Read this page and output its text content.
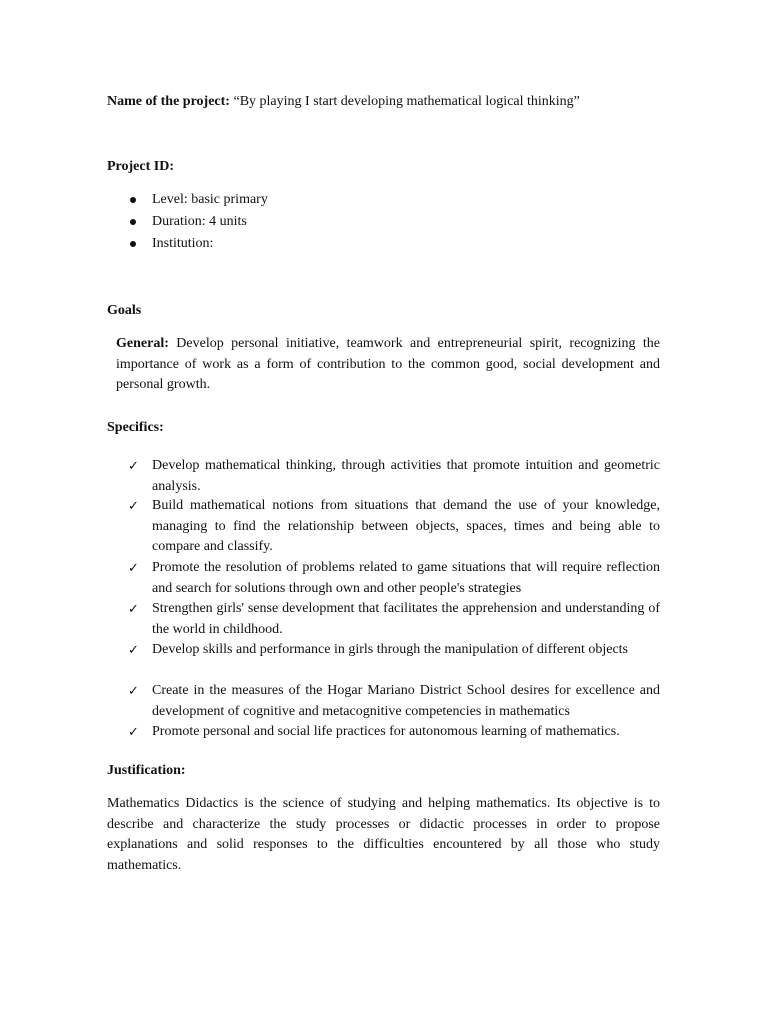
Name of the project: “By playing I start developing mathematical logical thinking”
Project ID:
Level: basic primary
Duration: 4 units
Institution:
Goals
General: Develop personal initiative, teamwork and entrepreneurial spirit, recognizing the importance of work as a form of contribution to the common good, social development and personal growth.
Specifics:
✓ Develop mathematical thinking, through activities that promote intuition and geometric analysis.
✓ Build mathematical notions from situations that demand the use of your knowledge, managing to find the relationship between objects, spaces, times and being able to compare and classify.
✓ Promote the resolution of problems related to game situations that will require reflection and search for solutions through own and other people's strategies
✓ Strengthen girls' sense development that facilitates the apprehension and understanding of the world in childhood.
✓ Develop skills and performance in girls through the manipulation of different objects
✓ Create in the measures of the Hogar Mariano District School desires for excellence and development of cognitive and metacognitive competencies in mathematics
✓ Promote personal and social life practices for autonomous learning of mathematics.
Justification:
Mathematics Didactics is the science of studying and helping mathematics. Its objective is to describe and characterize the study processes or didactic processes in order to propose explanations and solid responses to the difficulties encountered by all those who study mathematics.
